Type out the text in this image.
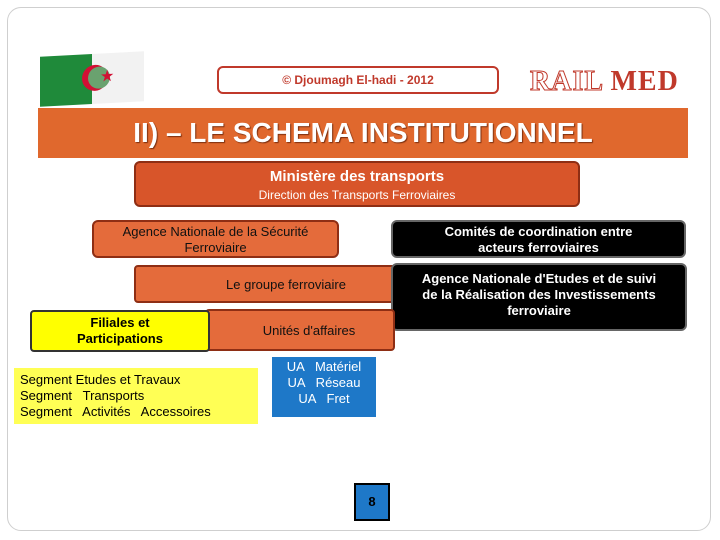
★	© Djoumagh El-hadi - 2012	RAIL MED
II) – LE SCHEMA INSTITUTIONNEL
Ministère des transports
Direction des Transports Ferroviaires
Agence Nationale de la Sécurité
Ferroviaire
Comités de coordination entre
acteurs ferroviaires
Le groupe ferroviaire	Agence Nationale d'Etudes et de suivi
de la Réalisation des Investissements
ferroviaire
Unités d'affaires
Filiales et
Participations
Segment Etudes et Travaux
Segment   Transports
Segment   Activités   Accessoires
UA   Matériel
UA   Réseau
UA   Fret
8
